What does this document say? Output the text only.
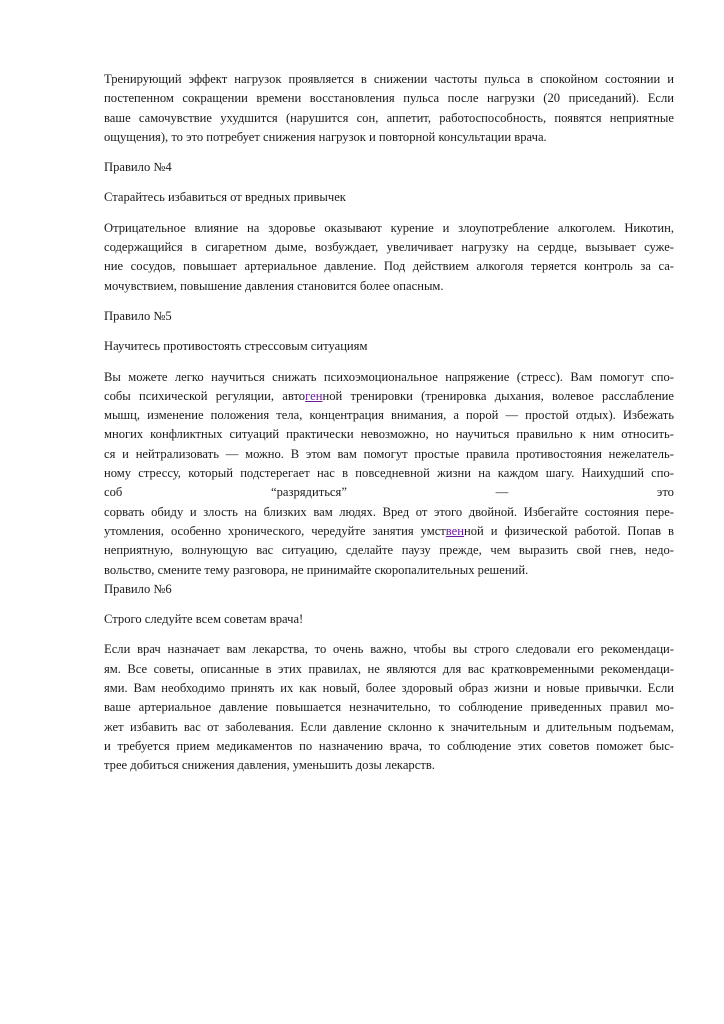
Тренирующий эффект нагрузок проявляется в снижении частоты пульса в спокойном состоянии и
постепенном сокращении времени восстановления пульса после нагрузки (20 приседаний). Если
ваше самочувствие ухудшится (нарушится сон, аппетит, работоспособность, появятся неприятные
ощущения), то это потребует снижения нагрузок и повторной консультации врача.

Правило №4

Старайтесь избавиться от вредных привычек

Отрицательное влияние на здоровье оказывают курение и злоупотребление алкоголем. Никотин,
содержащийся в сигаретном дыме, возбуждает, увеличивает нагрузку на сердце, вызывает суже-
ние сосудов, повышает артериальное давление. Под действием алкоголя теряется контроль за са-
мочувствием, повышение давления становится более опасным.

Правило №5

Научитесь противостоять стрессовым ситуациям

Вы можете легко научиться снижать психоэмоциональное напряжение (стресс). Вам помогут спо-
собы психической регуляции, автогенной тренировки (тренировка дыхания, волевое расслабление
мышц, изменение положения тела, концентрация внимания, а порой — простой отдых). Избежать
многих конфликтных ситуаций практически невозможно, но научиться правильно к ним относить-
ся и нейтрализовать — можно. В этом вам помогут простые правила противостояния нежелатель-
ному стрессу, который подстерегает нас в повседневной жизни на каждом шагу. Наихудший спо-
соб	“разрядиться”	—	это
сорвать обиду и злость на близких вам людях. Вред от этого двойной. Избегайте состояния пере-
утомления, особенно хронического, чередуйте занятия умственной и физической работой. Попав в
неприятную, волнующую вас ситуацию, сделайте паузу прежде, чем выразить свой гнев, недо-
вольство, смените тему разговора, не принимайте скоропалительных решений.

Правило №6

Строго следуйте всем советам врача!

Если врач назначает вам лекарства, то очень важно, чтобы вы строго следовали его рекомендаци-
ям. Все советы, описанные в этих правилах, не являются для вас кратковременными рекомендаци-
ями. Вам необходимо принять их как новый, более здоровый образ жизни и новые привычки. Если
ваше артериальное давление повышается незначительно, то соблюдение приведенных правил мо-
жет избавить вас от заболевания. Если давление склонно к значительным и длительным подъемам,
и требуется прием медикаментов по назначению врача, то соблюдение этих советов поможет быс-
трее добиться снижения давления, уменьшить дозы лекарств.
